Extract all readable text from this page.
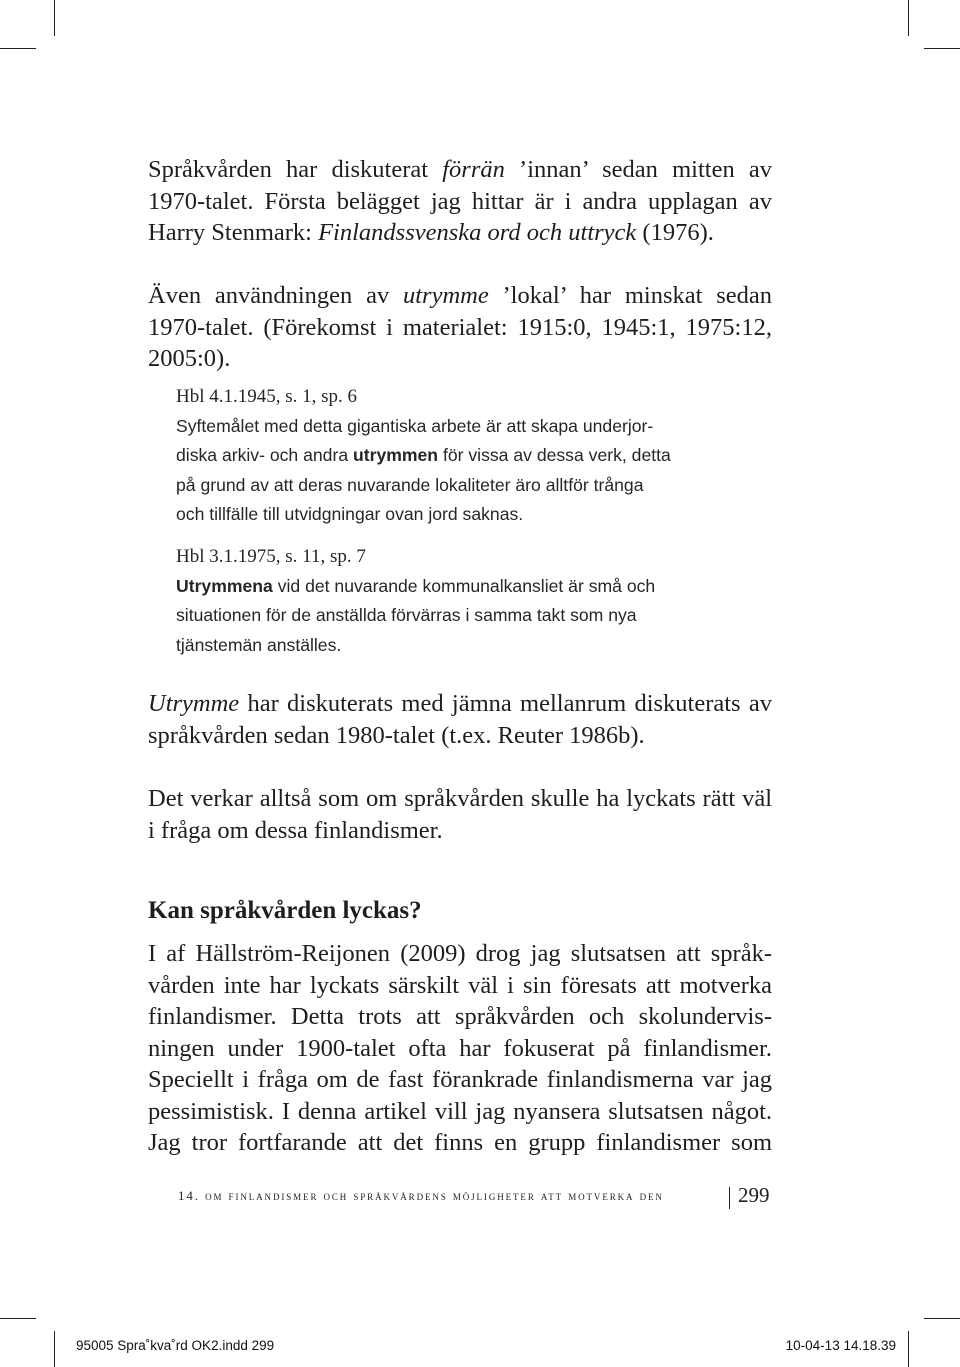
Språkvården har diskuterat förrän ’innan’ sedan mitten av
1970-talet. Första belägget jag hittar är i andra upplagan av
Harry Stenmark: Finlandssvenska ord och uttryck (1976).

Även användningen av utrymme ’lokal’ har minskat sedan
1970-talet. (Förekomst i materialet: 1915:0, 1945:1, 1975:12,
2005:0).

Hbl 4.1.1945, s. 1, sp. 6
Syftemålet med detta gigantiska arbete är att skapa underjor-
diska arkiv- och andra utrymmen för vissa av dessa verk, detta
på grund av att deras nuvarande lokaliteter äro alltför trånga
och tillfälle till utvidgningar ovan jord saknas.
Hbl 3.1.1975, s. 11, sp. 7
Utrymmena vid det nuvarande kommunalkansliet är små och
situationen för de anställda förvärras i samma takt som nya
tjänstemän anställes.

Utrymme har diskuterats med jämna mellanrum diskuterats av
språkvården sedan 1980-talet (t.ex. Reuter 1986b).

Det verkar alltså som om språkvården skulle ha lyckats rätt väl
i fråga om dessa finlandismer.

Kan språkvården lyckas?

I af Hällström-Reijonen (2009) drog jag slutsatsen att språk-
vården inte har lyckats särskilt väl i sin föresats att motverka
finlandismer. Detta trots att språkvården och skolundervis-
ningen under 1900-talet ofta har fokuserat på finlandismer.
Speciellt i fråga om de fast förankrade finlandismerna var jag
pessimistisk. I denna artikel vill jag nyansera slutsatsen något.
Jag tror fortfarande att det finns en grupp finlandismer som

14. om finlandismer och språkvårdens möjligheter att motverka den	299
95005 Spra˚kva˚rd OK2.indd 299	10-04-13 14.18.39
